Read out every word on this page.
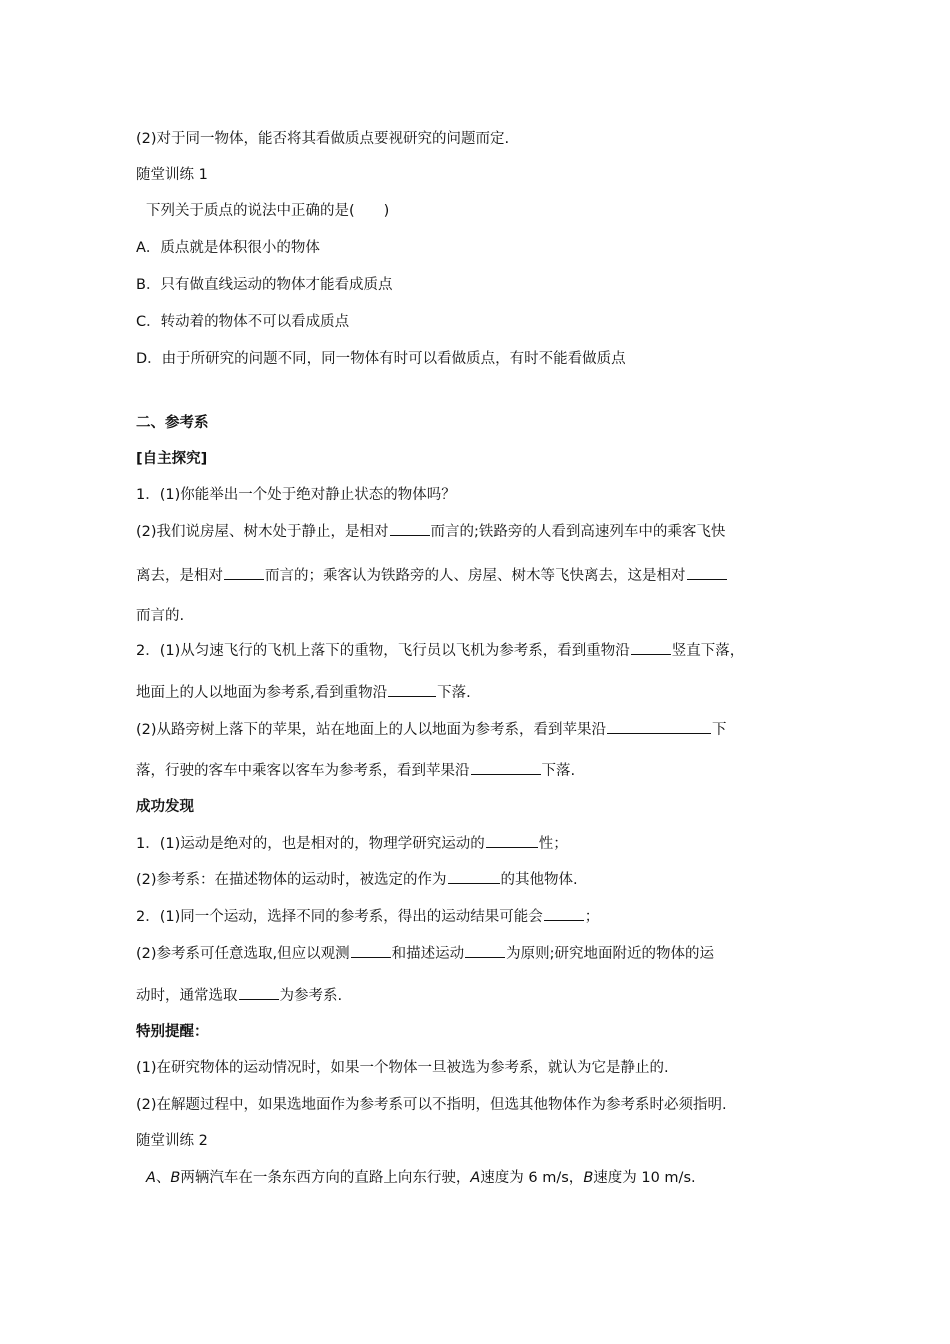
(2)对于同一物体，能否将其看做质点要视研究的问题而定.
随堂训练 1
下列关于质点的说法中正确的是(　　)
A．质点就是体积很小的物体
B．只有做直线运动的物体才能看成质点
C．转动着的物体不可以看成质点
D．由于所研究的问题不同，同一物体有时可以看做质点，有时不能看做质点
二、参考系
[自主探究]
1．(1)你能举出一个处于绝对静止状态的物体吗？
(2)我们说房屋、树木处于静止，是相对	而言的;铁路旁的人看到高速列车中的乘客飞快
离去，是相对	而言的；乘客认为铁路旁的人、房屋、树木等飞快离去，这是相对
而言的.
2．(1)从匀速飞行的飞机上落下的重物，飞行员以飞机为参考系，看到重物沿	竖直下落，
地面上的人以地面为参考系,看到重物沿	下落.
(2)从路旁树上落下的苹果，站在地面上的人以地面为参考系，看到苹果沿	下
落，行驶的客车中乘客以客车为参考系，看到苹果沿	下落.
成功发现
1．(1)运动是绝对的，也是相对的，物理学研究运动的	性；
(2)参考系：在描述物体的运动时，被选定的作为	的其他物体.
2．(1)同一个运动，选择不同的参考系，得出的运动结果可能会	；
(2)参考系可任意选取,但应以观测	和描述运动	为原则;研究地面附近的物体的运
动时，通常选取	为参考系.
特别提醒：
(1)在研究物体的运动情况时，如果一个物体一旦被选为参考系，就认为它是静止的.
(2)在解题过程中，如果选地面作为参考系可以不指明，但选其他物体作为参考系时必须指明.
随堂训练 2
A、B两辆汽车在一条东西方向的直路上向东行驶，A速度为 6 m/s，B速度为 10 m/s.
